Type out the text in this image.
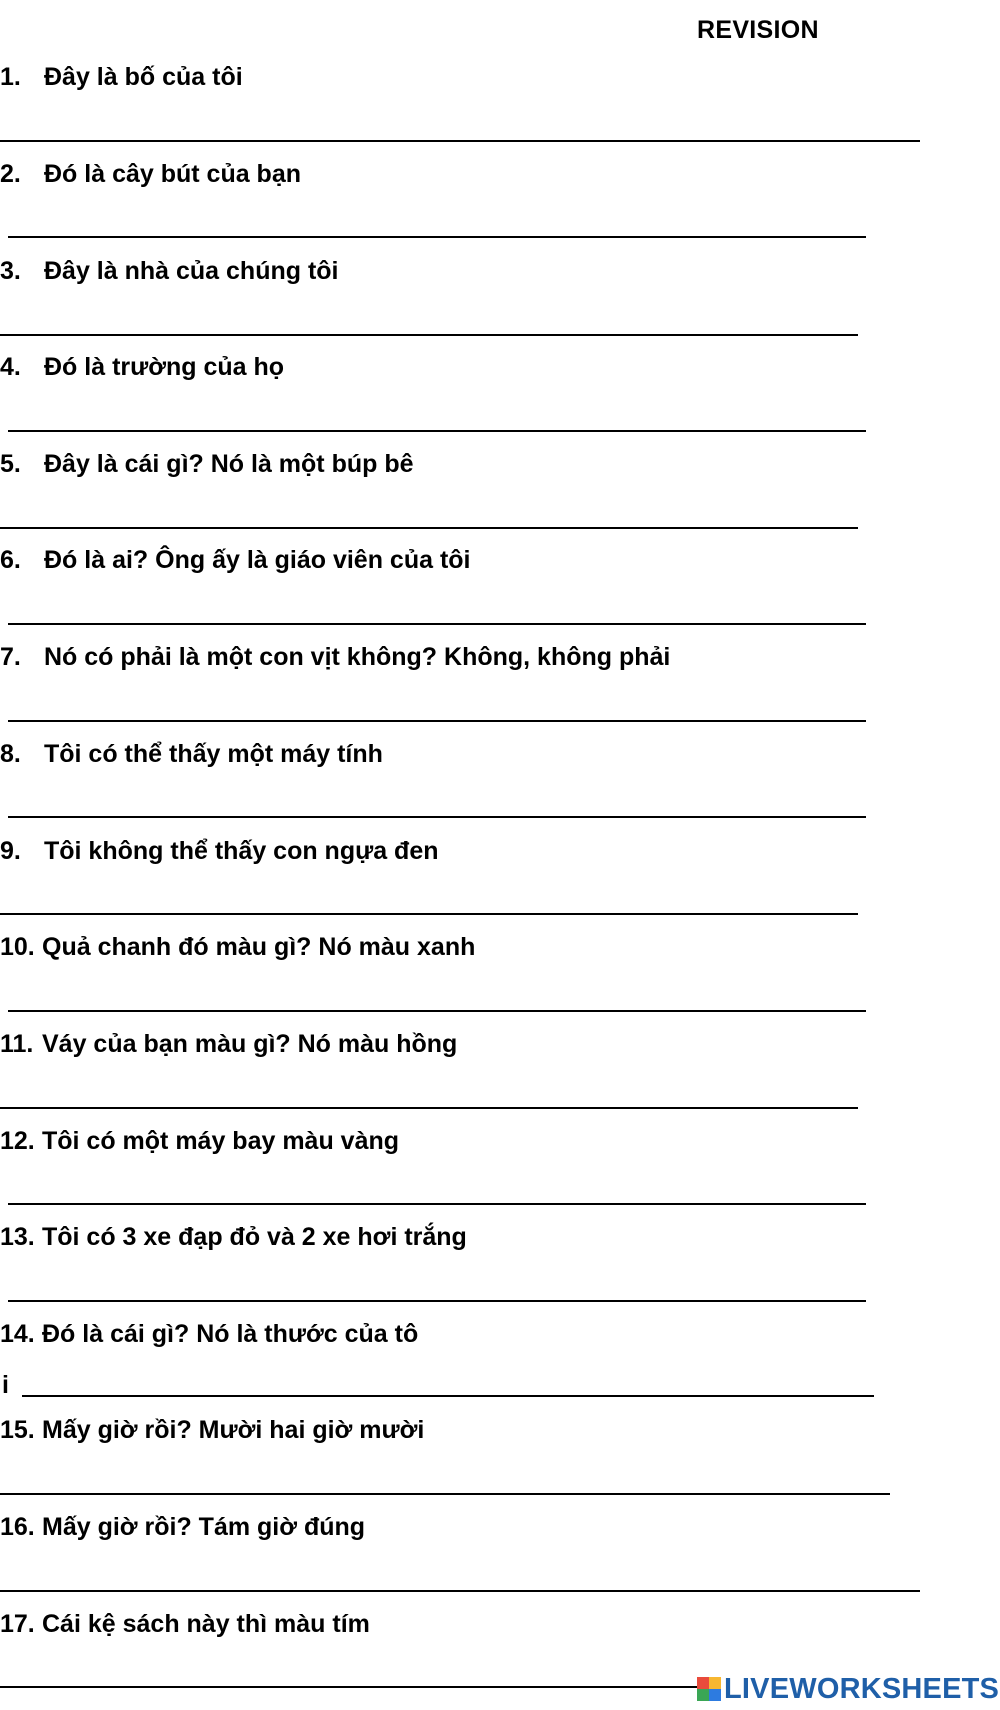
REVISION
1. Đây là bố của tôi
2. Đó là cây bút của bạn
3. Đây là nhà của chúng tôi
4. Đó là trường của họ
5. Đây là cái gì? Nó là một búp bê
6. Đó là ai? Ông ấy là giáo viên của tôi
7. Nó có phải là một con vịt không? Không, không phải
8. Tôi có thể thấy một máy tính
9. Tôi không thể thấy con ngựa đen
10. Quả chanh đó màu gì? Nó màu xanh
11. Váy của bạn màu gì? Nó màu hồng
12. Tôi có một máy bay màu vàng
13. Tôi có 3 xe đạp đỏ và 2 xe hơi trắng
14. Đó là cái gì? Nó là thước của tô
i
15. Mấy giờ rồi? Mười hai giờ mười
16. Mấy giờ rồi? Tám giờ đúng
17. Cái kệ sách này thì màu tím
LIVEWORKSHEETS
